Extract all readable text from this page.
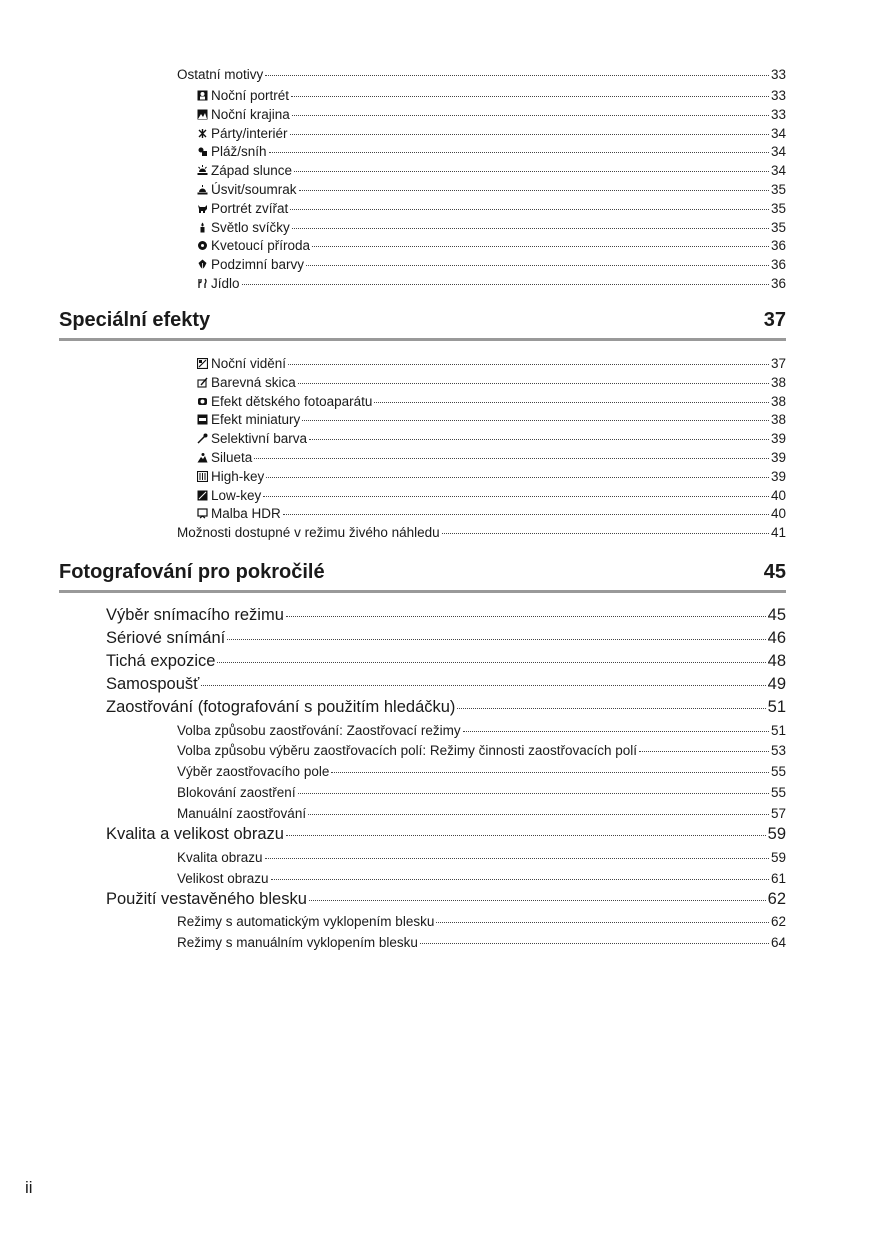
Ostatní motivy	33
Noční portrét	33
Noční krajina	33
Párty/interiér	34
Pláž/sníh	34
Západ slunce	34
Úsvit/soumrak	35
Portrét zvířat	35
Světlo svíčky	35
Kvetoucí příroda	36
Podzimní barvy	36
Jídlo	36
Speciální efekty	37
Noční vidění	37
Barevná skica	38
Efekt dětského fotoaparátu	38
Efekt miniatury	38
Selektivní barva	39
Silueta	39
High-key	39
Low-key	40
Malba HDR	40
Možnosti dostupné v režimu živého náhledu	41
Fotografování pro pokročilé	45
Výběr snímacího režimu	45
Sériové snímání	46
Tichá expozice	48
Samospoušť	49
Zaostřování (fotografování s použitím hledáčku)	51
Volba způsobu zaostřování: Zaostřovací režimy	51
Volba způsobu výběru zaostřovacích polí: Režimy činnosti zaostřovacích polí	53
Výběr zaostřovacího pole	55
Blokování zaostření	55
Manuální zaostřování	57
Kvalita a velikost obrazu	59
Kvalita obrazu	59
Velikost obrazu	61
Použití vestavěného blesku	62
Režimy s automatickým vyklopením blesku	62
Režimy s manuálním vyklopením blesku	64
ii
